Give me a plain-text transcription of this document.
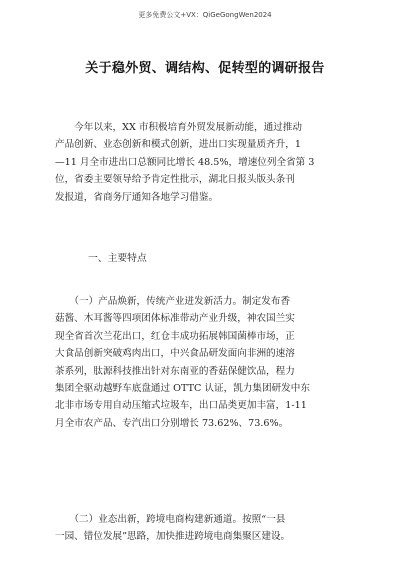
更多免费公文+VX：QiGeGongWen2024
关于稳外贸、调结构、促转型的调研报告
　　今年以来，XX 市积极培育外贸发展新动能，通过推动
产品创新、业态创新和模式创新，进出口实现量质齐升，1
—11 月全市进出口总额同比增长 48.5%，增速位列全省第 3
位，省委主要领导给予肯定性批示，湖北日报头版头条刊
发报道，省商务厅通知各地学习借鉴。
一、主要特点
　　（一）产品焕新，传统产业迸发新活力。制定发布香
菇酱、木耳酱等四项团体标准带动产业升级，神农国兰实
现全省首次兰花出口，红仓丰成功拓展韩国菌棒市场，正
大食品创新突破鸡肉出口，中兴食品研发面向非洲的速溶
茶系列，肽源科技推出针对东南亚的香菇保健饮品，程力
集团全驱动越野车底盘通过 OTTC 认证，凯力集团研发中东
北非市场专用自动压缩式垃圾车，出口品类更加丰富，1-11
月全市农产品、专汽出口分别增长 73.62%、73.6%。
　　（二）业态出新，跨境电商构建新通道。按照“一县
一园、错位发展”思路，加快推进跨境电商集聚区建设。
